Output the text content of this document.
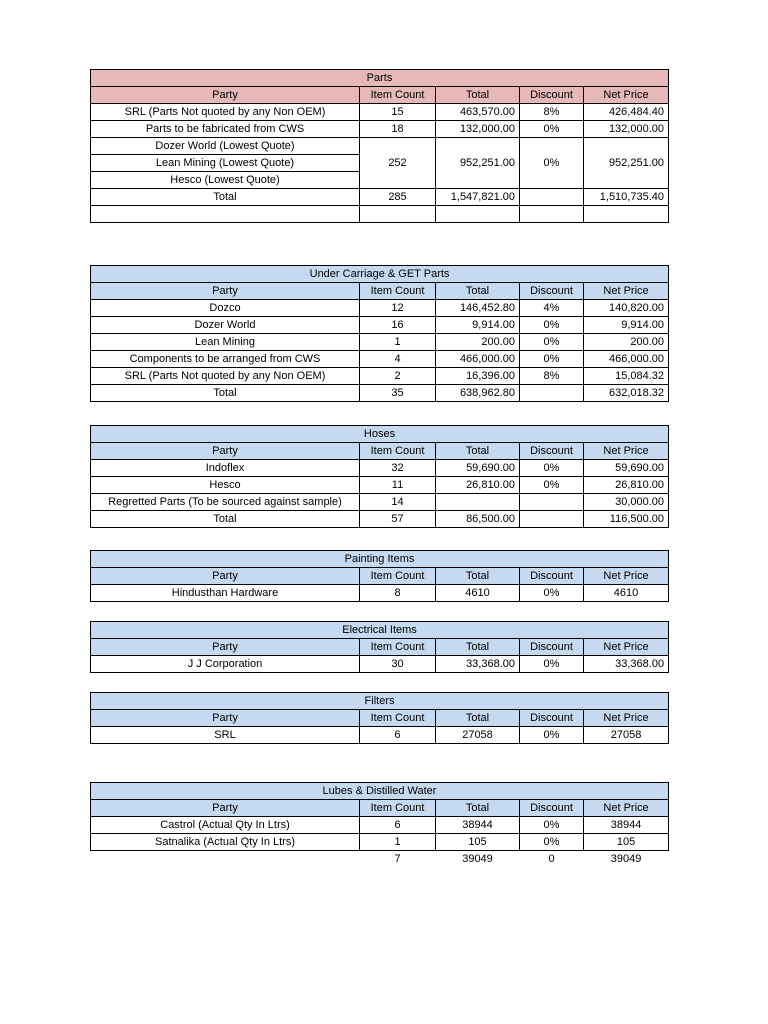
Parts				
Party	Item Count	Total	Discount	Net Price
SRL (Parts Not quoted by any Non OEM)	15	463,570.00	8%	426,484.40
Parts to be fabricated from CWS	18	132,000.00	0%	132,000.00
Dozer World (Lowest Quote)	252	952,251.00	0%	952,251.00
Lean Mining (Lowest Quote)				
Hesco (Lowest Quote)				
Total	285	1,547,821.00		1,510,735.40

Under Carriage & GET Parts				
Party	Item Count	Total	Discount	Net Price
Dozco	12	146,452.80	4%	140,820.00
Dozer World	16	9,914.00	0%	9,914.00
Lean Mining	1	200.00	0%	200.00
Components to be arranged from CWS	4	466,000.00	0%	466,000.00
SRL (Parts Not quoted by any Non OEM)	2	16,396.00	8%	15,084.32
Total	35	638,962.80		632,018.32
Hoses				
Party	Item Count	Total	Discount	Net Price
Indoflex	32	59,690.00	0%	59,690.00
Hesco	11	26,810.00	0%	26,810.00
Regretted Parts (To be sourced against sample)	14			30,000.00
Total	57	86,500.00		116,500.00
Painting Items				
Party	Item Count	Total	Discount	Net Price
Hindusthan Hardware	8	4610	0%	4610
Electrical Items				
Party	Item Count	Total	Discount	Net Price
J J Corporation	30	33,368.00	0%	33,368.00
Filters				
Party	Item Count	Total	Discount	Net Price
SRL	6	27058	0%	27058
Lubes & Distilled Water				
Party	Item Count	Total	Discount	Net Price
Castrol (Actual Qty In Ltrs)	6	38944	0%	38944
Satnalika (Actual Qty In Ltrs)	1	105	0%	105
	7	39049	0	39049
